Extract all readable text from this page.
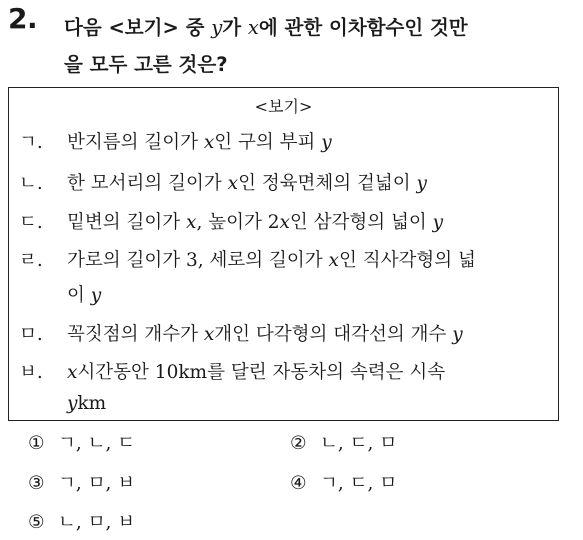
2. 다음 <보기> 중 y가 x에 관한 이차함수인 것만
을 모두 고른 것은?
<보기>
ㄱ. 반지름의 길이가 x인 구의 부피 y
ㄴ. 한 모서리의 길이가 x인 정육면체의 겉넓이 y
ㄷ. 밑변의 길이가 x, 높이가 2x인 삼각형의 넓이 y
ㄹ. 가로의 길이가 3, 세로의 길이가 x인 직사각형의 넓
이 y
ㅁ. 꼭짓점의 개수가 x개인 다각형의 대각선의 개수 y
ㅂ. x시간동안 10km를 달린 자동차의 속력은 시속
ykm
① ㄱ, ㄴ, ㄷ	② ㄴ, ㄷ, ㅁ
③ ㄱ, ㅁ, ㅂ	④ ㄱ, ㄷ, ㅁ
⑤ ㄴ, ㅁ, ㅂ
